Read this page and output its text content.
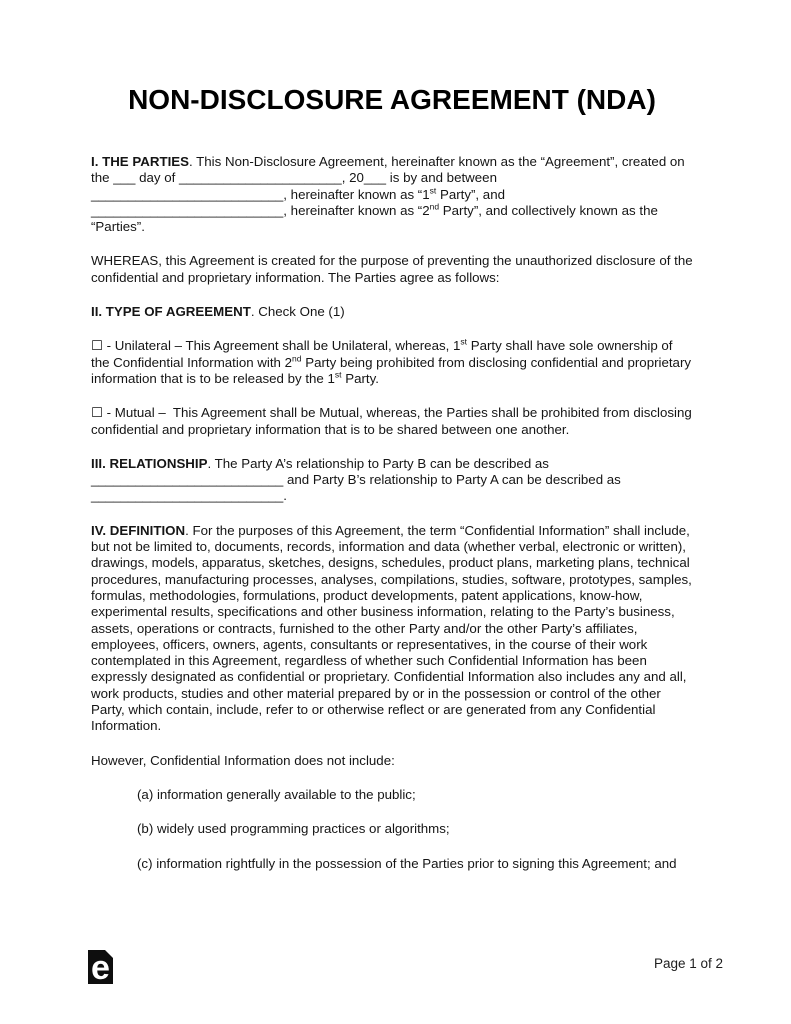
NON-DISCLOSURE AGREEMENT (NDA)

I. THE PARTIES. This Non-Disclosure Agreement, hereinafter known as the “Agreement”, created on the ___ day of ______________________, 20___ is by and between __________________________, hereinafter known as “1st Party”, and __________________________, hereinafter known as “2nd Party”, and collectively known as the “Parties”.

WHEREAS, this Agreement is created for the purpose of preventing the unauthorized disclosure of the confidential and proprietary information. The Parties agree as follows:

II. TYPE OF AGREEMENT. Check One (1)

☐ - Unilateral – This Agreement shall be Unilateral, whereas, 1st Party shall have sole ownership of the Confidential Information with 2nd Party being prohibited from disclosing confidential and proprietary information that is to be released by the 1st Party.

☐ - Mutual –  This Agreement shall be Mutual, whereas, the Parties shall be prohibited from disclosing confidential and proprietary information that is to be shared between one another.

III. RELATIONSHIP. The Party A’s relationship to Party B can be described as __________________________ and Party B’s relationship to Party A can be described as __________________________.

IV. DEFINITION. For the purposes of this Agreement, the term “Confidential Information” shall include, but not be limited to, documents, records, information and data (whether verbal, electronic or written), drawings, models, apparatus, sketches, designs, schedules, product plans, marketing plans, technical procedures, manufacturing processes, analyses, compilations, studies, software, prototypes, samples, formulas, methodologies, formulations, product developments, patent applications, know-how, experimental results, specifications and other business information, relating to the Party’s business, assets, operations or contracts, furnished to the other Party and/or the other Party’s affiliates, employees, officers, owners, agents, consultants or representatives, in the course of their work contemplated in this Agreement, regardless of whether such Confidential Information has been expressly designated as confidential or proprietary. Confidential Information also includes any and all, work products, studies and other material prepared by or in the possession or control of the other Party, which contain, include, refer to or otherwise reflect or are generated from any Confidential Information.

However, Confidential Information does not include:

(a) information generally available to the public;

(b) widely used programming practices or algorithms;

(c) information rightfully in the possession of the Parties prior to signing this Agreement; and

e	Page 1 of 2
